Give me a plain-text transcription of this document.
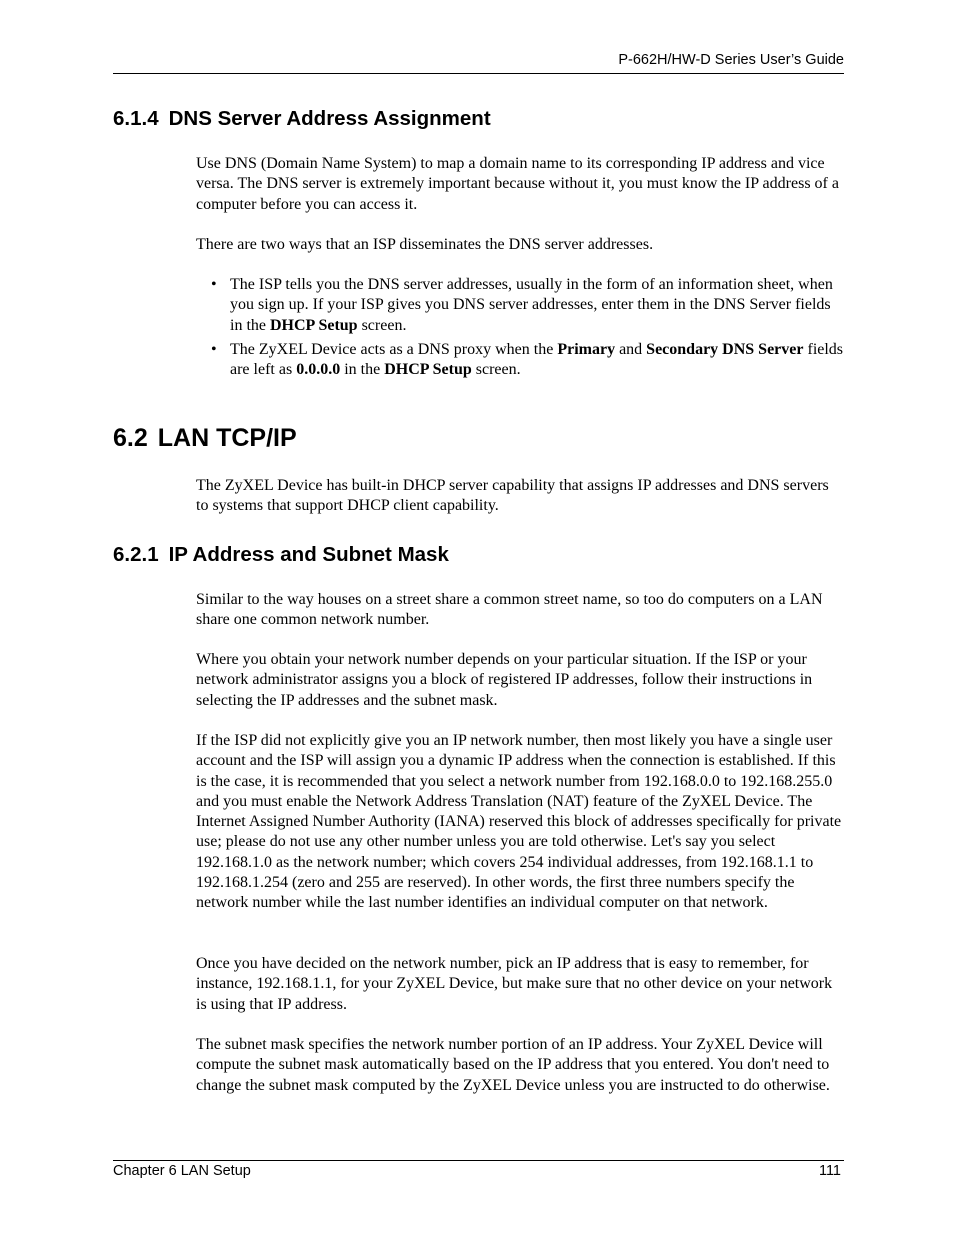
P-662H/HW-D Series User’s Guide
6.1.4 DNS Server Address Assignment

Use DNS (Domain Name System) to map a domain name to its corresponding IP address and vice versa. The DNS server is extremely important because without it, you must know the IP address of a computer before you can access it.

There are two ways that an ISP disseminates the DNS server addresses.

• The ISP tells you the DNS server addresses, usually in the form of an information sheet, when you sign up. If your ISP gives you DNS server addresses, enter them in the DNS Server fields in the DHCP Setup screen.
• The ZyXEL Device acts as a DNS proxy when the Primary and Secondary DNS Server fields are left as 0.0.0.0 in the DHCP Setup screen.
6.2 LAN TCP/IP

The ZyXEL Device has built-in DHCP server capability that assigns IP addresses and DNS servers to systems that support DHCP client capability.

6.2.1 IP Address and Subnet Mask

Similar to the way houses on a street share a common street name, so too do computers on a LAN share one common network number.

Where you obtain your network number depends on your particular situation. If the ISP or your network administrator assigns you a block of registered IP addresses, follow their instructions in selecting the IP addresses and the subnet mask.

If the ISP did not explicitly give you an IP network number, then most likely you have a single user account and the ISP will assign you a dynamic IP address when the connection is established. If this is the case, it is recommended that you select a network number from 192.168.0.0 to 192.168.255.0 and you must enable the Network Address Translation (NAT) feature of the ZyXEL Device. The Internet Assigned Number Authority (IANA) reserved this block of addresses specifically for private use; please do not use any other number unless you are told otherwise. Let's say you select 192.168.1.0 as the network number; which covers 254 individual addresses, from 192.168.1.1 to 192.168.1.254 (zero and 255 are reserved). In other words, the first three numbers specify the network number while the last number identifies an individual computer on that network.

Once you have decided on the network number, pick an IP address that is easy to remember, for instance, 192.168.1.1, for your ZyXEL Device, but make sure that no other device on your network is using that IP address.

The subnet mask specifies the network number portion of an IP address. Your ZyXEL Device will compute the subnet mask automatically based on the IP address that you entered. You don't need to change the subnet mask computed by the ZyXEL Device unless you are instructed to do otherwise.

Chapter 6 LAN Setup	111
